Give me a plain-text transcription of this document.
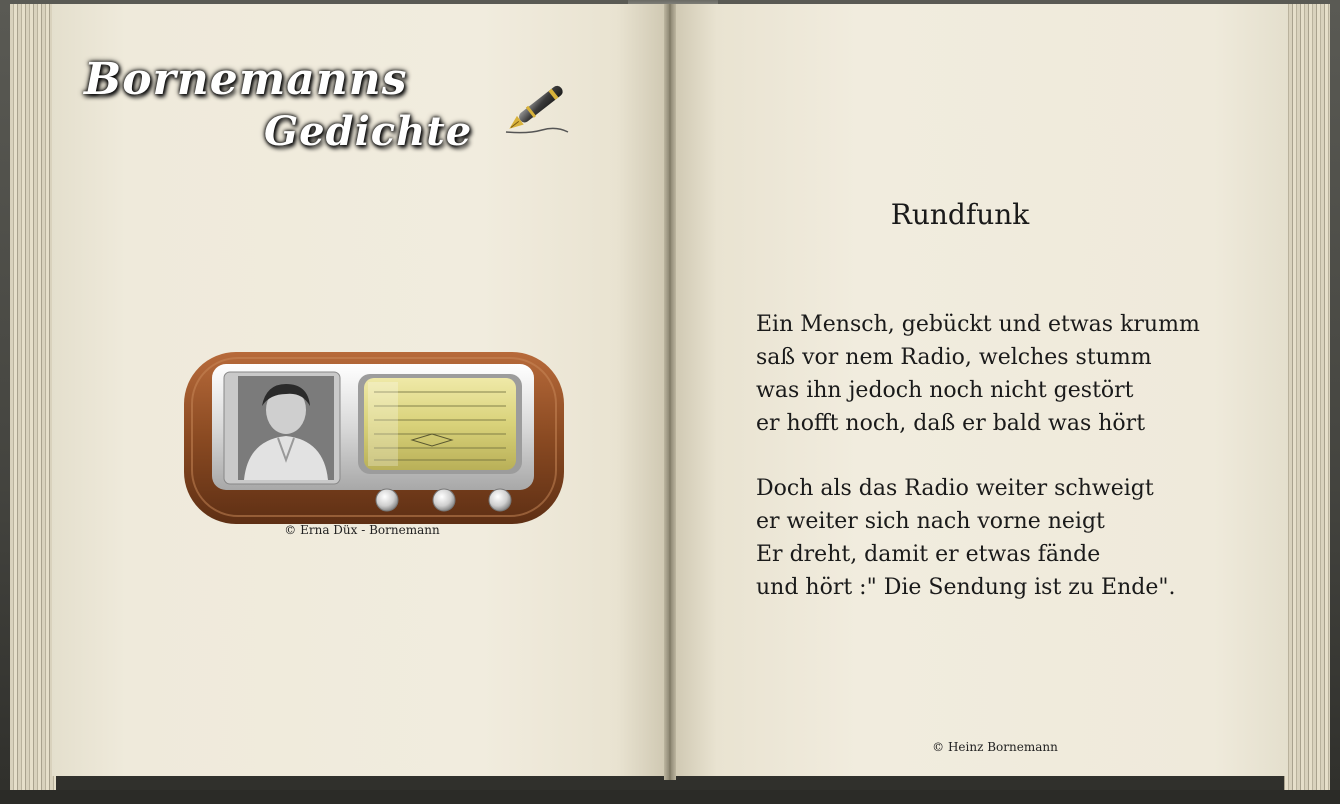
Bornemanns
Gedichte
© Erna Düx - Bornemann
Rundfunk
Ein Mensch, gebückt und etwas krumm
saß vor nem Radio, welches stumm
was ihn jedoch noch nicht gestört
er hofft noch, daß er bald was hört
Doch als das Radio weiter schweigt
er weiter sich nach vorne neigt
Er dreht, damit er etwas fände
und hört :" Die Sendung ist zu Ende".
© Heinz Bornemann
